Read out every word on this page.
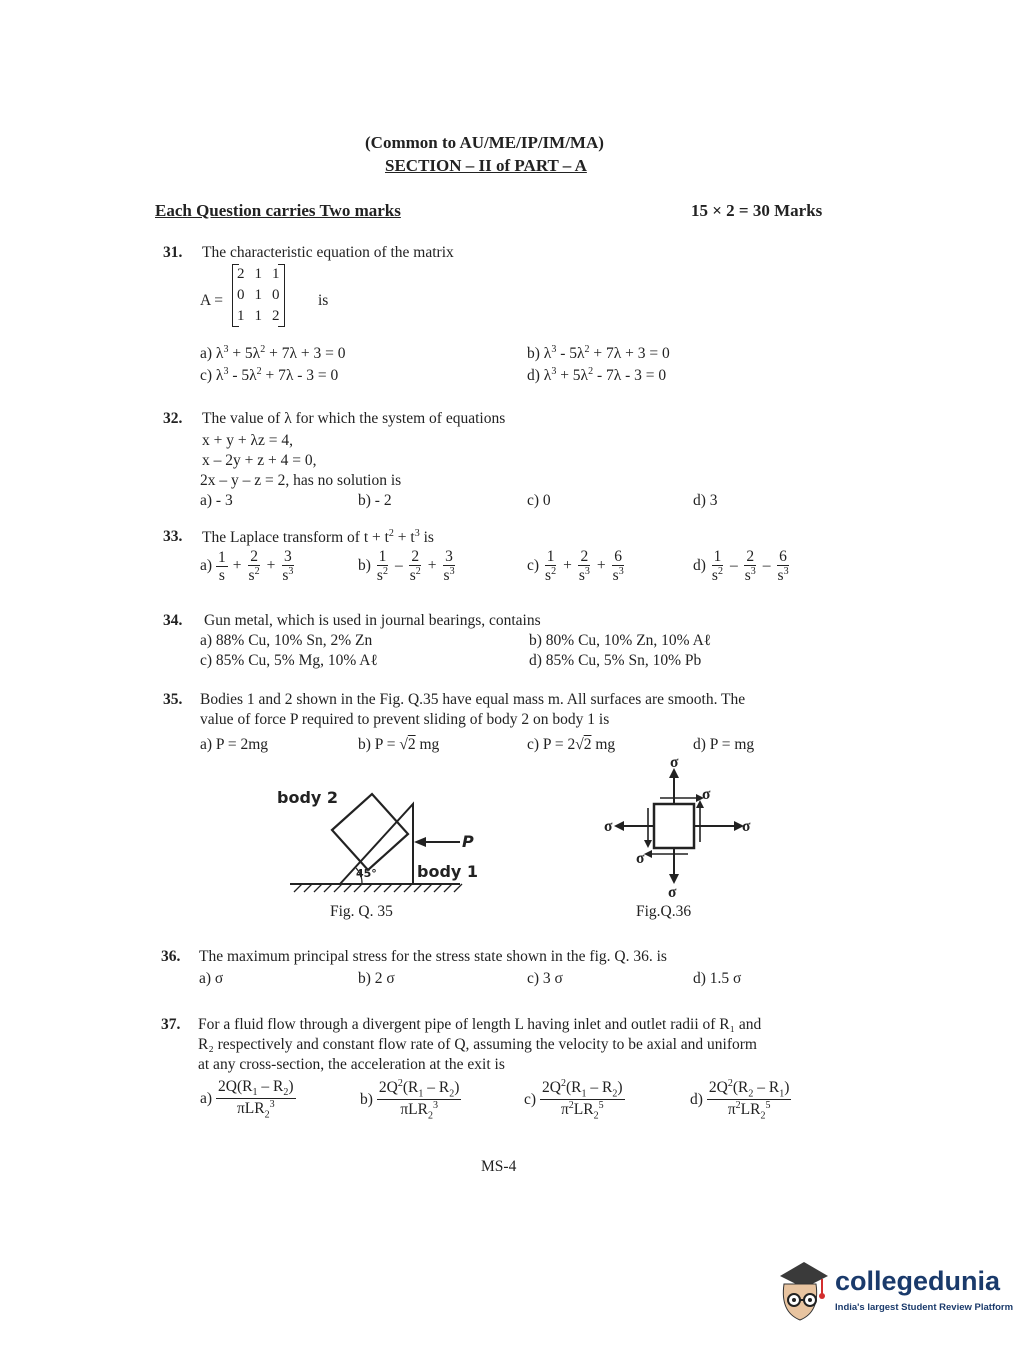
(Common to AU/ME/IP/IM/MA)
SECTION – II of PART – A
Each Question carries Two marks	15 × 2 = 30 Marks
31. The characteristic equation of the matrix
A =
2	1	1
0	1	0
1	1	2
is
a) $\lambda^3 + 5\lambda^2 + 7\lambda + 3 = 0$	b) $\lambda^3 - 5\lambda^2 + 7\lambda + 3 = 0$
c) $\lambda^3 - 5\lambda^2 + 7\lambda - 3 = 0$	d) $\lambda^3 + 5\lambda^2 - 7\lambda - 3 = 0$
32. The value of λ for which the system of equations
x + y + λz = 4,
x – 2y + z + 4 = 0,
2x – y – z = 2, has no solution is
a) - 3	b) - 2	c) 0	d) 3
33. The Laplace transform of $t + t^2 + t^3$ is
$a) \frac{1}{s} + \frac{2}{s^2} + \frac{3}{s^3}$	$b) \frac{1}{s^2} - \frac{2}{s^2} + \frac{3}{s^3}$	$c) \frac{1}{s^2} + \frac{2}{s^3} + \frac{6}{s^3}$	$d) \frac{1}{s^2} - \frac{2}{s^3} - \frac{6}{s^3}$
34. Gun metal, which is used in journal bearings, contains
a) 88% Cu, 10% Sn, 2% Zn	b) 80% Cu, 10% Zn, 10% Aℓ
c) 85% Cu, 5% Mg, 10% Aℓ	d) 85% Cu, 5% Sn, 10% Pb
35. Bodies 1 and 2 shown in the Fig. Q.35 have equal mass m. All surfaces are smooth. The
value of force P required to prevent sliding of body 2 on body 1 is
a) P = 2mg	b) P = √2 mg	c) P = 2√2 mg	d) P = mg
body 2
body 1
P
45°
Fig. Q. 35
σ
σ
σ	σ
σ
σ
Fig.Q.36
36. The maximum principal stress for the stress state shown in the fig. Q. 36. is
a) σ	b) 2 σ	c) 3 σ	d) 1.5 σ
37. For a fluid flow through a divergent pipe of length L having inlet and outlet radii of R₁ and
R₂ respectively and constant flow rate of Q, assuming the velocity to be axial and uniform
at any cross-section, the acceleration at the exit is
$a) \frac{2Q(R_1 - R_2)}{\pi LR_2^3}$	$b) \frac{2Q^2(R_1 - R_2)}{\pi LR_2^3}$	$c) \frac{2Q^2(R_1 - R_2)}{\pi^2LR_2^5}$	$d) \frac{2Q^2(R_2 - R_1)}{\pi^2LR_2^5}$
MS-4
collegedunia
India's largest Student Review Platform
